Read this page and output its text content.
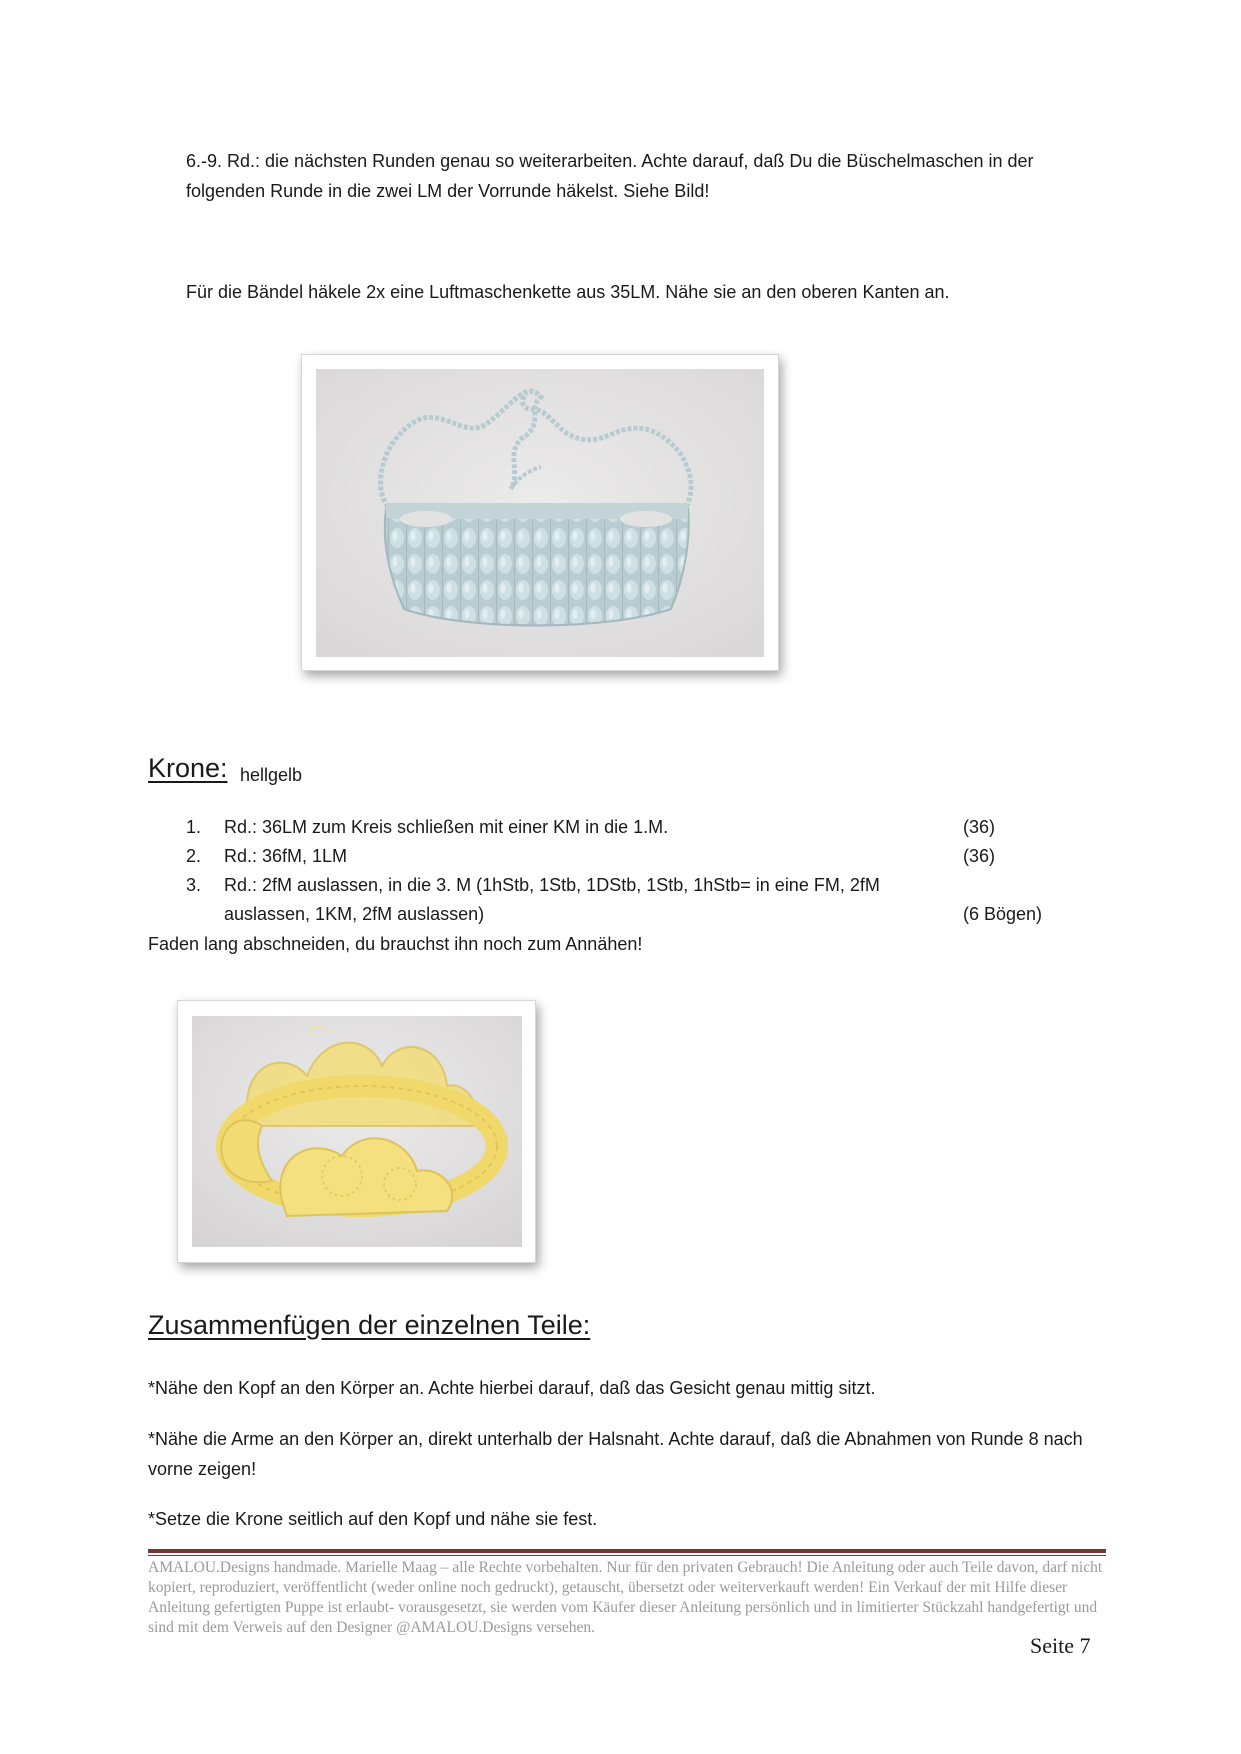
6.-9. Rd.: die nächsten Runden genau so weiterarbeiten. Achte darauf, daß Du die Büschelmaschen in der folgenden Runde in die zwei LM der Vorrunde häkelst. Siehe Bild!

Für die Bändel häkele 2x eine Luftmaschenkette aus 35LM. Nähe sie an den oberen Kanten an.

Krone: hellgelb
1. Rd.: 36LM zum Kreis schließen mit einer KM in die 1.M.	(36)
2. Rd.: 36fM, 1LM	(36)
3. Rd.: 2fM auslassen, in die 3. M (1hStb, 1Stb, 1DStb, 1Stb, 1hStb= in eine FM, 2fM
auslassen, 1KM, 2fM auslassen)	(6 Bögen)
Faden lang abschneiden, du brauchst ihn noch zum Annähen!
Zusammenfügen der einzelnen Teile:

*Nähe den Kopf an den Körper an. Achte hierbei darauf, daß das Gesicht genau mittig sitzt.

*Nähe die Arme an den Körper an, direkt unterhalb der Halsnaht. Achte darauf, daß die Abnahmen von Runde 8 nach vorne zeigen!

*Setze die Krone seitlich auf den Kopf und nähe sie fest.

AMALOU.Designs handmade. Marielle Maag – alle Rechte vorbehalten. Nur für den privaten Gebrauch! Die Anleitung oder auch Teile davon, darf nicht kopiert, reproduziert, veröffentlicht (weder online noch gedruckt), getauscht, übersetzt oder weiterverkauft werden! Ein Verkauf der mit Hilfe dieser Anleitung gefertigten Puppe ist erlaubt- vorausgesetzt, sie werden vom Käufer dieser Anleitung persönlich und in limitierter Stückzahl handgefertigt und sind mit dem Verweis auf den Designer @AMALOU.Designs versehen.
Seite 7
